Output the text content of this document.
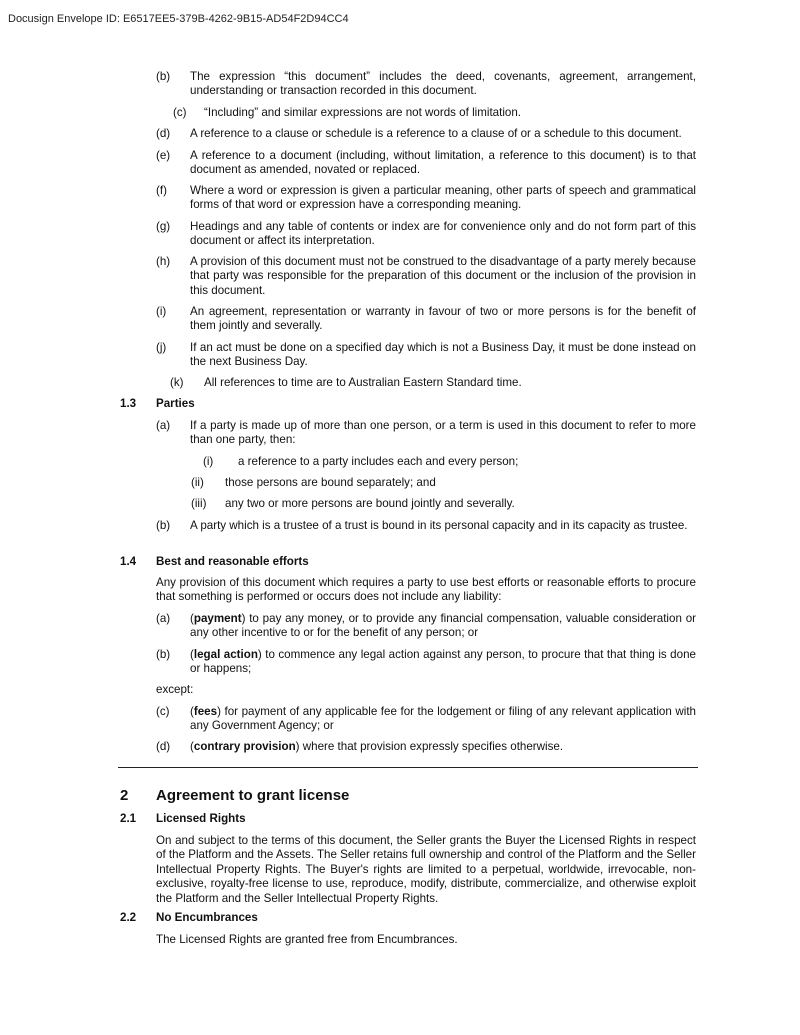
Docusign Envelope ID: E6517EE5-379B-4262-9B15-AD54F2D94CC4
(b) The expression “this document” includes the deed, covenants, agreement, arrangement, understanding or transaction recorded in this document.
(c) “Including” and similar expressions are not words of limitation.
(d) A reference to a clause or schedule is a reference to a clause of or a schedule to this document.
(e) A reference to a document (including, without limitation, a reference to this document) is to that document as amended, novated or replaced.
(f) Where a word or expression is given a particular meaning, other parts of speech and grammatical forms of that word or expression have a corresponding meaning.
(g) Headings and any table of contents or index are for convenience only and do not form part of this document or affect its interpretation.
(h) A provision of this document must not be construed to the disadvantage of a party merely because that party was responsible for the preparation of this document or the inclusion of the provision in this document.
(i) An agreement, representation or warranty in favour of two or more persons is for the benefit of them jointly and severally.
(j) If an act must be done on a specified day which is not a Business Day, it must be done instead on the next Business Day.
(k) All references to time are to Australian Eastern Standard time.
1.3 Parties
(a) If a party is made up of more than one person, or a term is used in this document to refer to more than one party, then:
(i) a reference to a party includes each and every person;
(ii) those persons are bound separately; and
(iii) any two or more persons are bound jointly and severally.
(b) A party which is a trustee of a trust is bound in its personal capacity and in its capacity as trustee.
1.4 Best and reasonable efforts
Any provision of this document which requires a party to use best efforts or reasonable efforts to procure that something is performed or occurs does not include any liability:
(a) (payment) to pay any money, or to provide any financial compensation, valuable consideration or any other incentive to or for the benefit of any person; or
(b) (legal action) to commence any legal action against any person, to procure that that thing is done or happens;
except:
(c) (fees) for payment of any applicable fee for the lodgement or filing of any relevant application with any Government Agency; or
(d) (contrary provision) where that provision expressly specifies otherwise.
2 Agreement to grant license
2.1 Licensed Rights
On and subject to the terms of this document, the Seller grants the Buyer the Licensed Rights in respect of the Platform and the Assets. The Seller retains full ownership and control of the Platform and the Seller Intellectual Property Rights. The Buyer's rights are limited to a perpetual, worldwide, irrevocable, non-exclusive, royalty-free license to use, reproduce, modify, distribute, commercialize, and otherwise exploit the Platform and the Seller Intellectual Property Rights.
2.2 No Encumbrances
The Licensed Rights are granted free from Encumbrances.
